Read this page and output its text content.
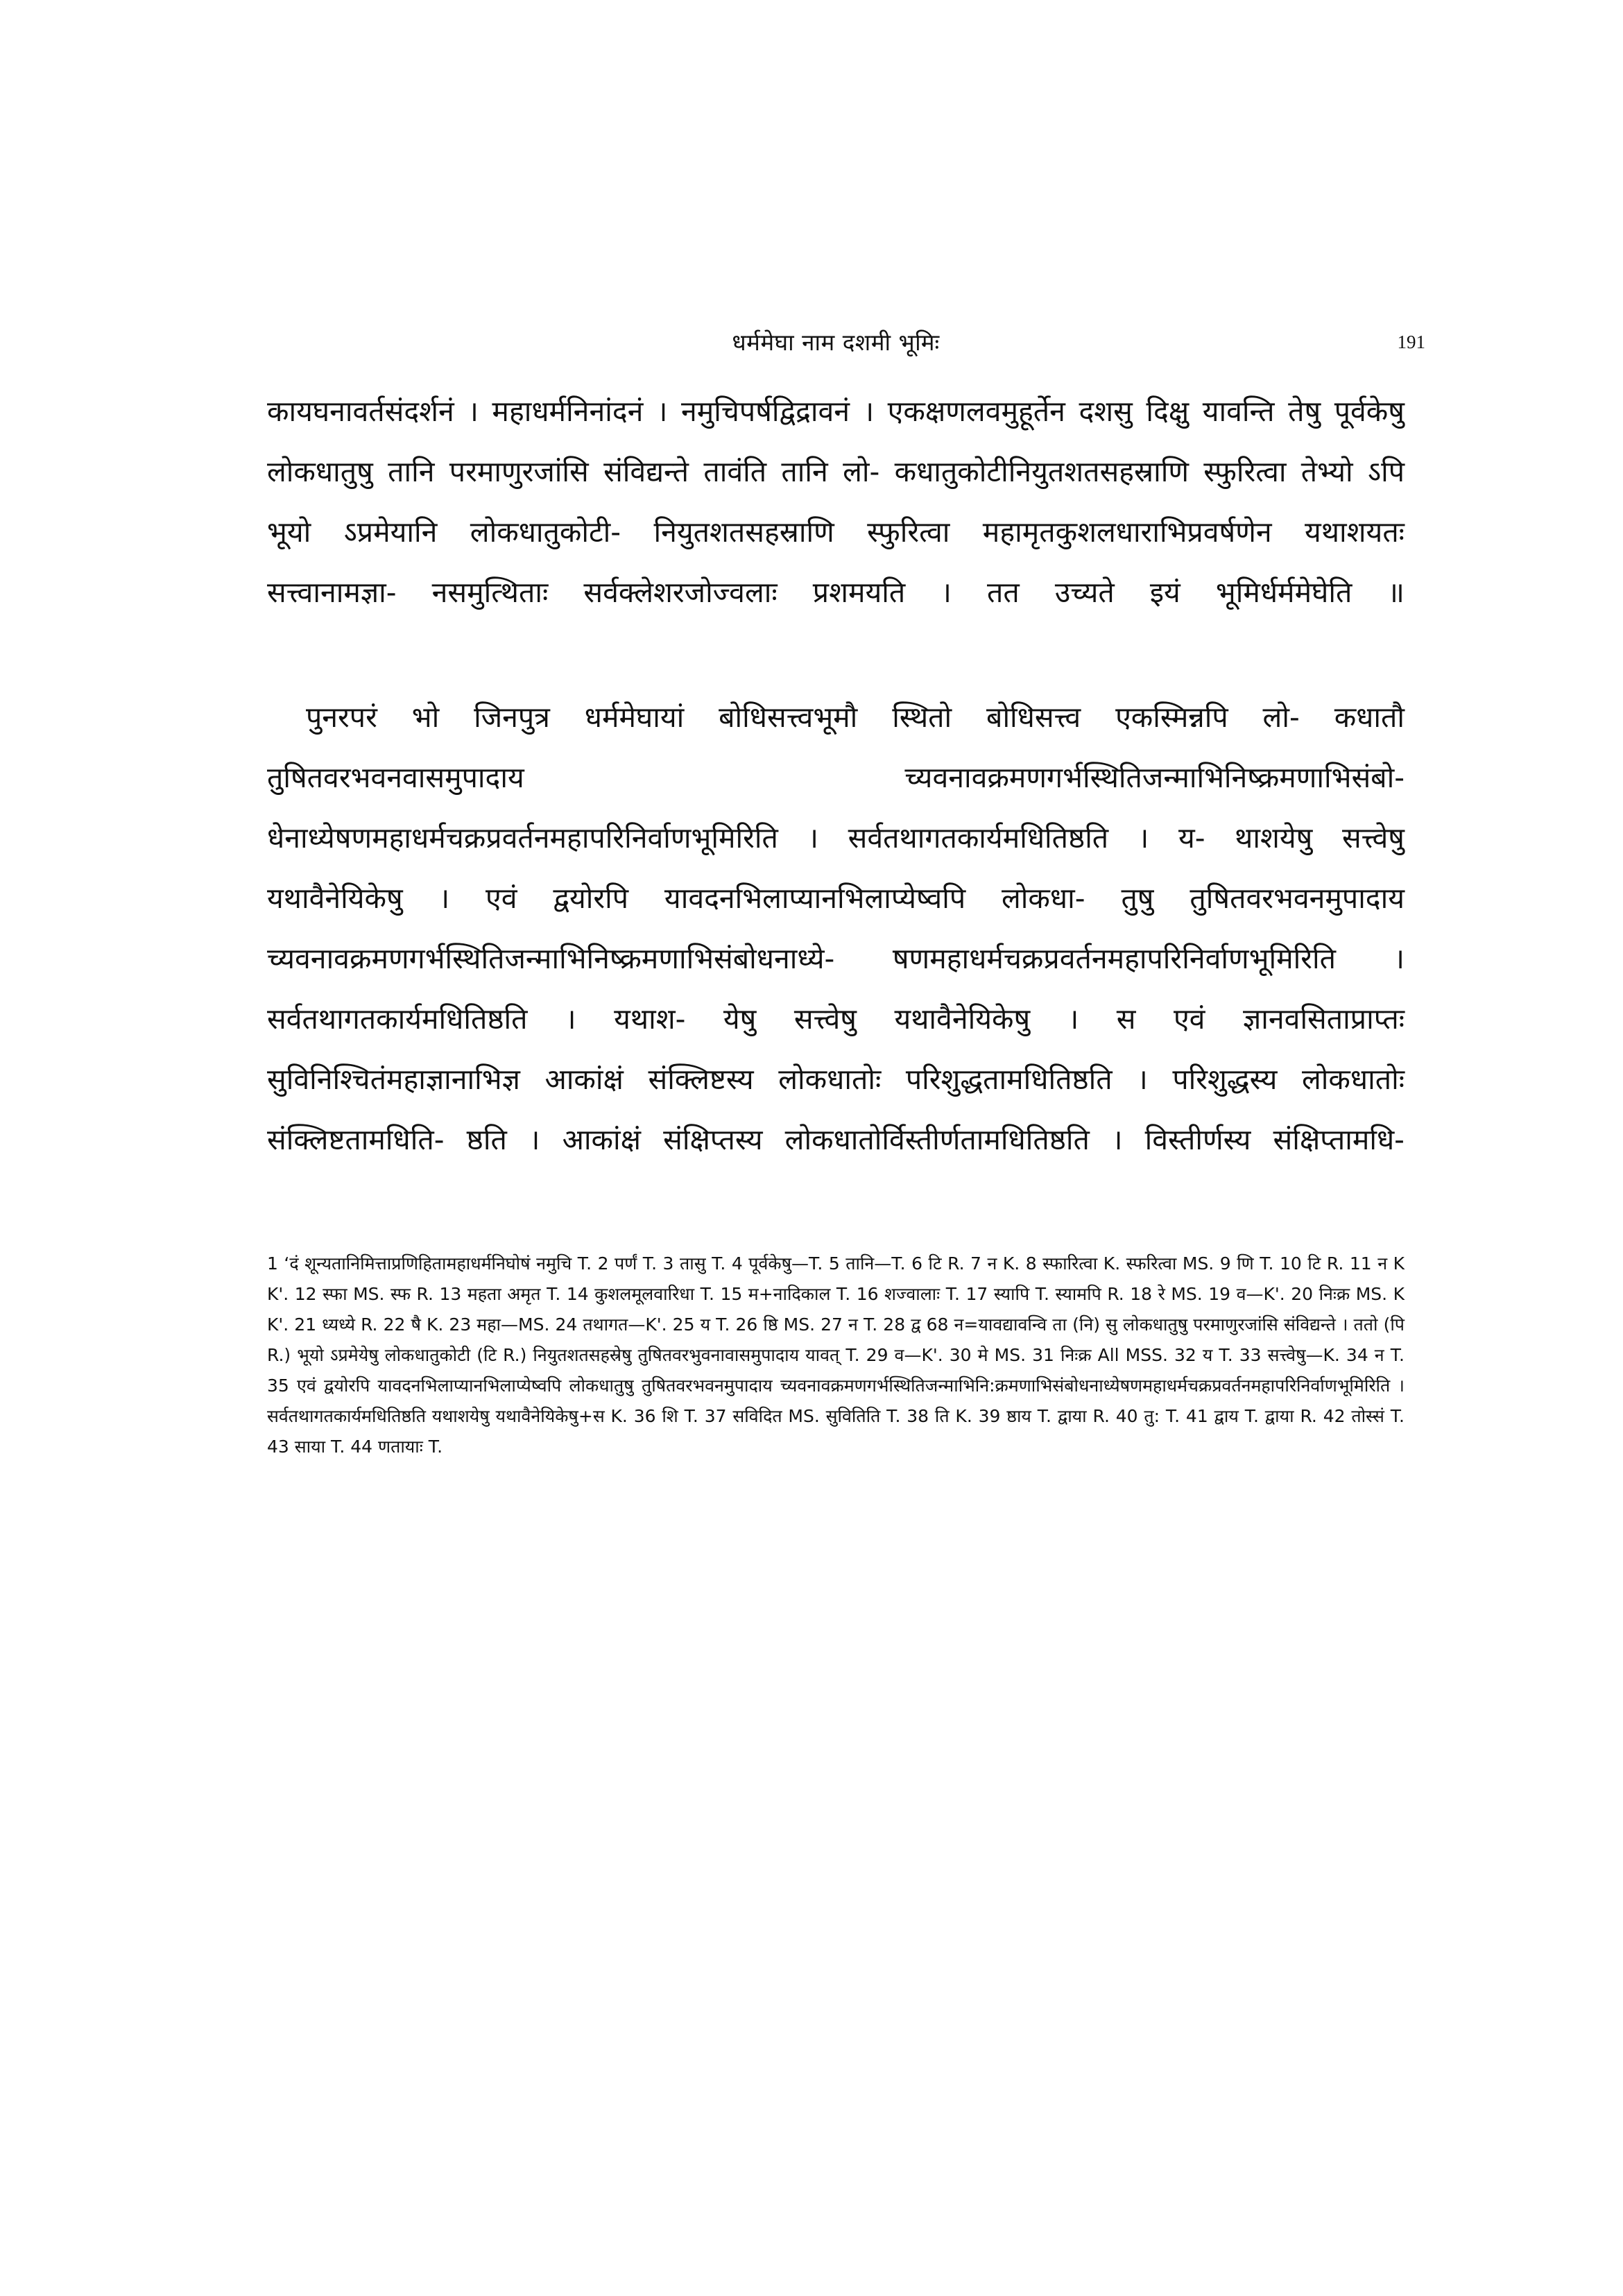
धर्ममेघा नाम दशमी भूमिः	191

कायघनावर्तसंदर्शनं । महाधर्मनिनांदनं । नमुचिपर्षद्विद्रावनं । एकक्षणलवमुहूर्तेन दशसु दिक्षु यावन्ति तेषु पूर्वकेषु लोकधातुषु तानि परमाणुरजांसि संविद्यन्ते तावंति तानि लो- कधातुकोटीनियुतशतसहस्राणि स्फुरित्वा तेभ्यो ऽपि भूयो ऽप्रमेयानि लोकधातुकोटी- नियुतशतसहस्राणि स्फुरित्वा महामृतकुशलधाराभिप्रवर्षणेन यथाशयतः सत्त्वानामज्ञा- नसमुत्थिताः सर्वक्लेशरजोज्वलाः प्रशमयति । तत उच्यते इयं भूमिर्धर्ममेघेति ॥

पुनरपरं भो जिनपुत्र धर्ममेघायां बोधिसत्त्वभूमौ स्थितो बोधिसत्त्व एकस्मिन्नपि लो- कधातौ तुषितवरभवनवासमुपादाय च्यवनावक्रमणगर्भस्थितिजन्माभिनिष्क्रमणाभिसंबो- धेनाध्येषणमहाधर्मचक्रप्रवर्तनमहापरिनिर्वाणभूमिरिति । सर्वतथागतकार्यमधितिष्ठति । य- थाशयेषु सत्त्वेषु यथावैनेयिकेषु । एवं द्वयोरपि यावदनभिलाप्यानभिलाप्येष्वपि लोकधा- तुषु तुषितवरभवनमुपादाय च्यवनावक्रमणगर्भस्थितिजन्माभिनिष्क्रमणाभिसंबोधनाध्ये- षणमहाधर्मचक्रप्रवर्तनमहापरिनिर्वाणभूमिरिति । सर्वतथागतकार्यमधितिष्ठति । यथाश- येषु सत्त्वेषु यथावैनेयिकेषु । स एवं ज्ञानवसिताप्राप्तः सुविनिश्चितंमहाज्ञानाभिज्ञ आकांक्षं संक्लिष्टस्य लोकधातोः परिशुद्धतामधितिष्ठति । परिशुद्धस्य लोकधातोः संक्लिष्टतामधिति- ष्ठति । आकांक्षं संक्षिप्तस्य लोकधातोर्विस्तीर्णतामधितिष्ठति । विस्तीर्णस्य संक्षिप्तामधि-

1 ‘दं शून्यतानिमित्ताप्रणिहितामहाधर्मनिघोषं नमुचि T. 2 पर्णं T. 3 तासु T. 4 पूर्वकेषु—T. 5 तानि—T. 6 टि R. 7 न K. 8 स्फारित्वा K. स्फरित्वा MS. 9 णि T. 10 टि R. 11 न K K'. 12 स्फा MS. स्फ R. 13 महता अमृत T. 14 कुशलमूलवारिधा T. 15 म+नादिकाल T. 16 शज्वालाः T. 17 स्यापि T. स्यामपि R. 18 रे MS. 19 व—K'. 20 निःक्र MS. K K'. 21 ध्यध्ये R. 22 षै K. 23 महा—MS. 24 तथागत—K'. 25 य T. 26 ष्ठि MS. 27 न T. 28 द्व 68 न=यावद्यावन्वि ता (नि) सु लोकधातुषु परमाणुरजांसि संविद्यन्ते । ततो (पि R.) भूयो ऽप्रमेयेषु लोकधातुकोटी (टि R.) नियुतशतसहस्रेषु तुषितवरभुवनावासमुपादाय यावत् T. 29 व—K'. 30 मे MS. 31 निःक्र All MSS. 32 य T. 33 सत्त्वेषु—K. 34 न T. 35 एवं द्वयोरपि यावदनभिलाप्यानभिलाप्येष्वपि लोकधातुषु तुषितवरभवनमुपादाय च्यवनावक्रमणगर्भस्थितिजन्माभिनि:क्रमणाभिसंबोधनाध्येषणमहाधर्मचक्रप्रवर्तनमहापरिनिर्वाणभूमिरिति । सर्वतथागतकार्यमधितिष्ठति यथाशयेषु यथावैनेयिकेषु+स K. 36 शि T. 37 सविदित MS. सुवितिति T. 38 ति K. 39 ष्ठाय T. द्वाया R. 40 तु: T. 41 द्वाय T. द्वाया R. 42 तोस्सं T. 43 साया T. 44 णतायाः T.
